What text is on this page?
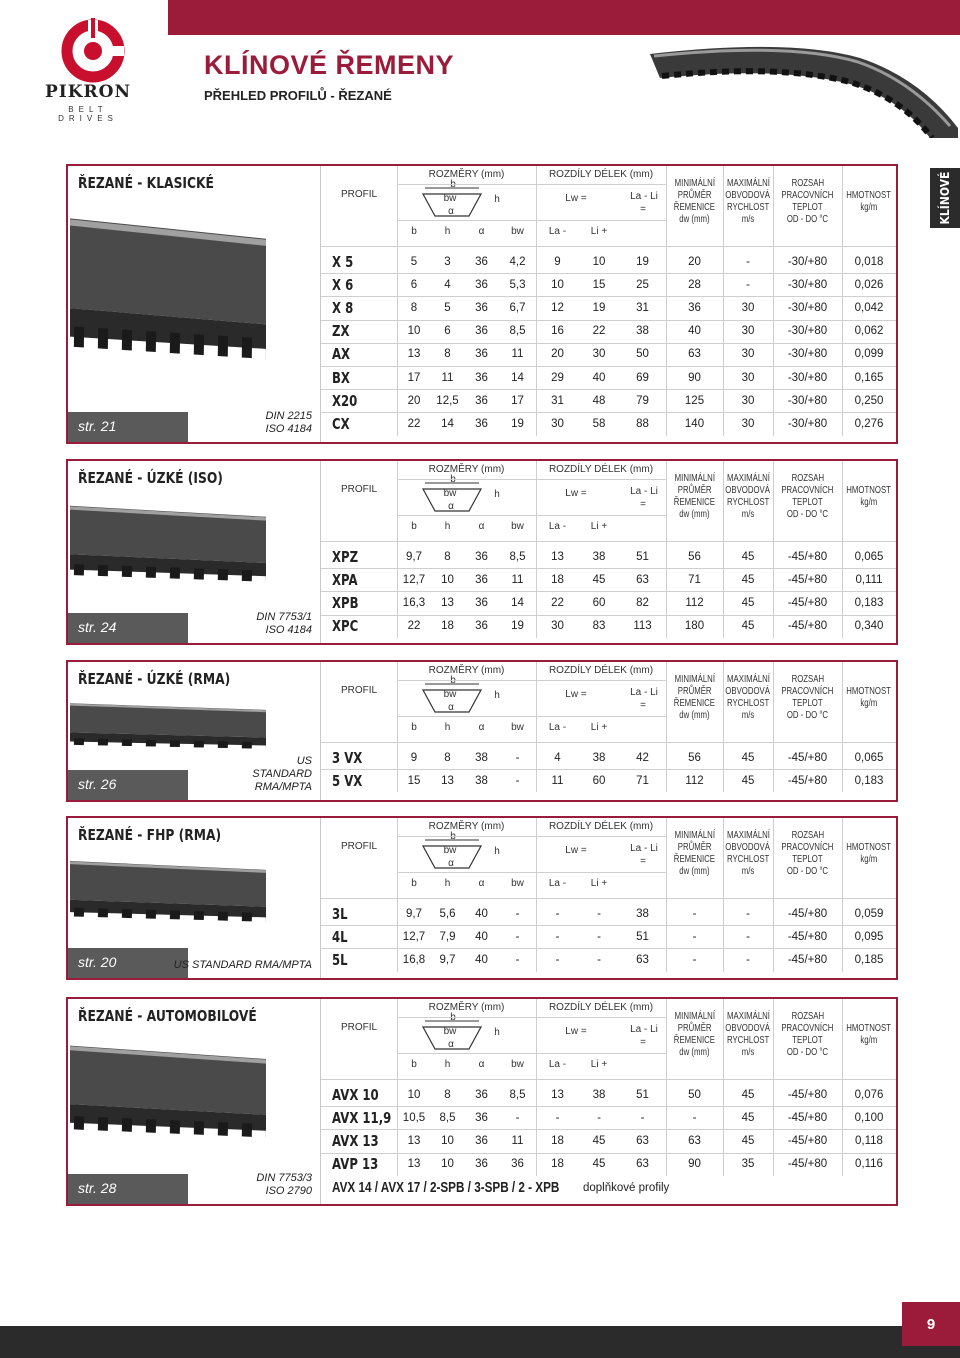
PIKRON
BELT DRIVES
KLÍNOVÉ ŘEMENY
PŘEHLED PROFILŮ - ŘEZANÉ
KLÍNOVÉ
ŘEZANÉ - KLASICKÉ
str. 21
DIN 2215
ISO 4184
PROFIL
ROZMĚRY (mm)
b
bw
α
h
ROZDÍLY DÉLEK (mm)
Lw =	La - Li
=
MINIMÁLNÍ
PRŮMĚR
ŘEMENICE
dw (mm)
MAXIMÁLNÍ
OBVODOVÁ
RYCHLOST
m/s
ROZSAH
PRACOVNÍCH
TEPLOT
OD - DO °C
HMOTNOST
kg/m
b	h	α	bw	La -	Li +
X 5	5	3	36	4,2	9	10	19	20	-	-30/+80	0,018
X 6	6	4	36	5,3	10	15	25	28	-	-30/+80	0,026
X 8	8	5	36	6,7	12	19	31	36	30	-30/+80	0,042
ZX	10	6	36	8,5	16	22	38	40	30	-30/+80	0,062
AX	13	8	36	11	20	30	50	63	30	-30/+80	0,099
BX	17	11	36	14	29	40	69	90	30	-30/+80	0,165
X20	20	12,5	36	17	31	48	79	125	30	-30/+80	0,250
CX	22	14	36	19	30	58	88	140	30	-30/+80	0,276
ŘEZANÉ - ÚZKÉ (ISO)
str. 24
DIN 7753/1
ISO 4184
PROFIL
ROZMĚRY (mm)
b
bw
α
h
ROZDÍLY DÉLEK (mm)
Lw =	La - Li
=
MINIMÁLNÍ
PRŮMĚR
ŘEMENICE
dw (mm)
MAXIMÁLNÍ
OBVODOVÁ
RYCHLOST
m/s
ROZSAH
PRACOVNÍCH
TEPLOT
OD - DO °C
HMOTNOST
kg/m
b	h	α	bw	La -	Li +
XPZ	9,7	8	36	8,5	13	38	51	56	45	-45/+80	0,065
XPA	12,7	10	36	11	18	45	63	71	45	-45/+80	0,111
XPB	16,3	13	36	14	22	60	82	112	45	-45/+80	0,183
XPC	22	18	36	19	30	83	113	180	45	-45/+80	0,340
ŘEZANÉ - ÚZKÉ (RMA)
str. 26
US
STANDARD
RMA/MPTA
PROFIL
ROZMĚRY (mm)
b
bw
α
h
ROZDÍLY DÉLEK (mm)
Lw =	La - Li
=
MINIMÁLNÍ
PRŮMĚR
ŘEMENICE
dw (mm)
MAXIMÁLNÍ
OBVODOVÁ
RYCHLOST
m/s
ROZSAH
PRACOVNÍCH
TEPLOT
OD - DO °C
HMOTNOST
kg/m
b	h	α	bw	La -	Li +
3 VX	9	8	38	-	4	38	42	56	45	-45/+80	0,065
5 VX	15	13	38	-	11	60	71	112	45	-45/+80	0,183
ŘEZANÉ - FHP (RMA)
str. 20	US STANDARD RMA/MPTA
PROFIL
ROZMĚRY (mm)
b
bw
α
h
ROZDÍLY DÉLEK (mm)
Lw =	La - Li
=
MINIMÁLNÍ
PRŮMĚR
ŘEMENICE
dw (mm)
MAXIMÁLNÍ
OBVODOVÁ
RYCHLOST
m/s
ROZSAH
PRACOVNÍCH
TEPLOT
OD - DO °C
HMOTNOST
kg/m
b	h	α	bw	La -	Li +
3L	9,7	5,6	40	-	-	-	38	-	-	-45/+80	0,059
4L	12,7	7,9	40	-	-	-	51	-	-	-45/+80	0,095
5L	16,8	9,7	40	-	-	-	63	-	-	-45/+80	0,185
ŘEZANÉ - AUTOMOBILOVÉ
str. 28
DIN 7753/3
ISO 2790
PROFIL
ROZMĚRY (mm)
b
bw
α
h
ROZDÍLY DÉLEK (mm)
Lw =	La - Li
=
MINIMÁLNÍ
PRŮMĚR
ŘEMENICE
dw (mm)
MAXIMÁLNÍ
OBVODOVÁ
RYCHLOST
m/s
ROZSAH
PRACOVNÍCH
TEPLOT
OD - DO °C
HMOTNOST
kg/m
b	h	α	bw	La -	Li +
AVX 10	10	8	36	8,5	13	38	51	50	45	-45/+80	0,076
AVX 11,9	10,5	8,5	36	-	-	-	-	-	45	-45/+80	0,100
AVX 13	13	10	36	11	18	45	63	63	45	-45/+80	0,118
AVP 13	13	10	36	36	18	45	63	90	35	-45/+80	0,116
AVX 14 / AVX 17 / 2-SPB / 3-SPB / 2 - XPB doplňkové profily
9
